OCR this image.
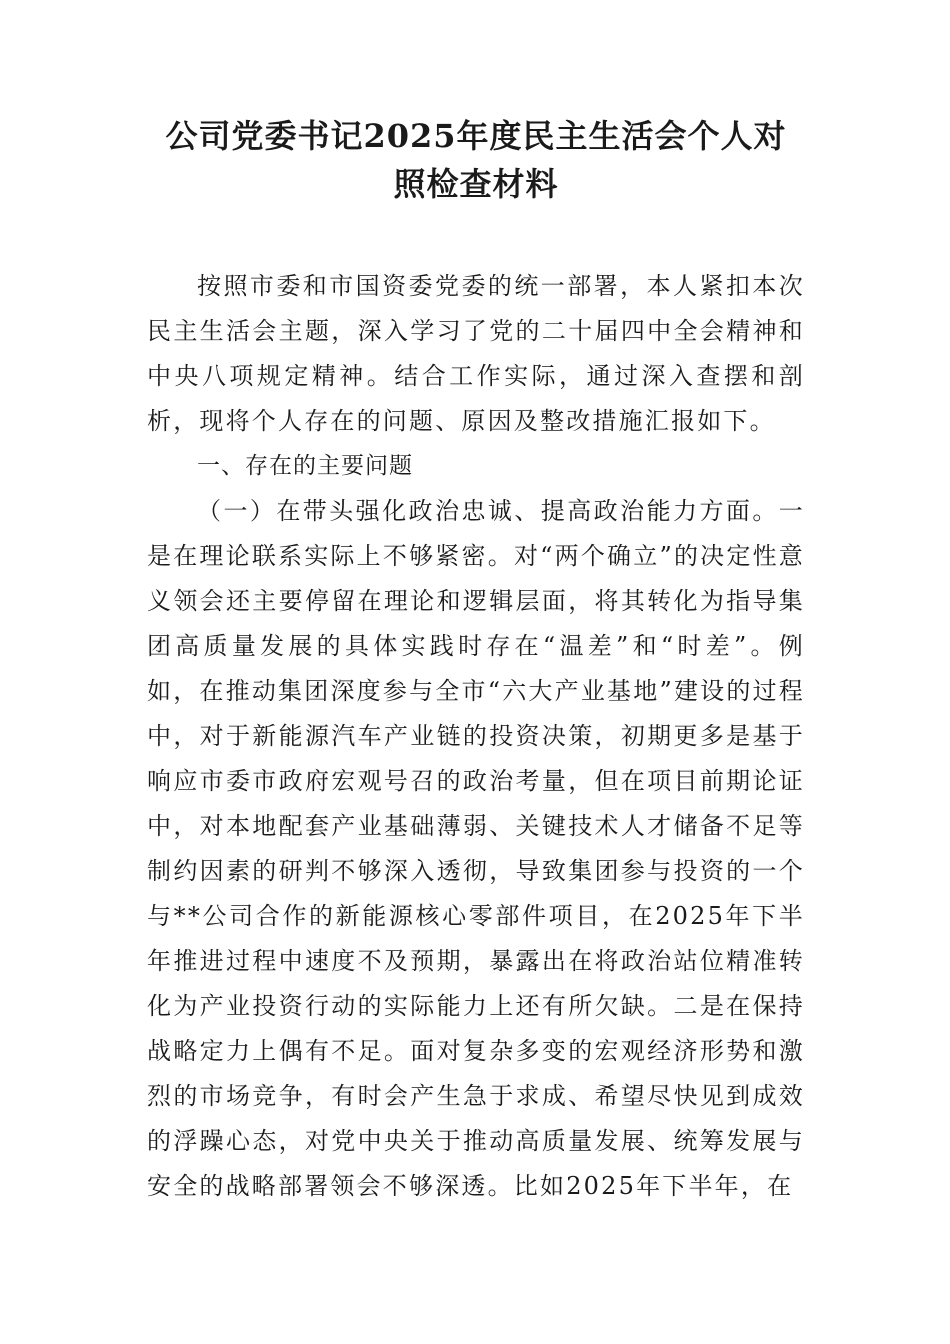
公司党委书记2025年度民主生活会个人对
照检查材料

按照市委和市国资委党委的统一部署，本人紧扣本次民主生活会主题，深入学习了党的二十届四中全会精神和中央八项规定精神。结合工作实际，通过深入查摆和剖析，现将个人存在的问题、原因及整改措施汇报如下。

一、存在的主要问题

（一）在带头强化政治忠诚、提高政治能力方面。一是在理论联系实际上不够紧密。对“两个确立”的决定性意义领会还主要停留在理论和逻辑层面，将其转化为指导集团高质量发展的具体实践时存在“温差”和“时差”。例如，在推动集团深度参与全市“六大产业基地”建设的过程中，对于新能源汽车产业链的投资决策，初期更多是基于响应市委市政府宏观号召的政治考量，但在项目前期论证中，对本地配套产业基础薄弱、关键技术人才储备不足等制约因素的研判不够深入透彻，导致集团参与投资的一个与**公司合作的新能源核心零部件项目，在2025年下半年推进过程中速度不及预期，暴露出在将政治站位精准转化为产业投资行动的实际能力上还有所欠缺。二是在保持战略定力上偶有不足。面对复杂多变的宏观经济形势和激烈的市场竞争，有时会产生急于求成、希望尽快见到成效的浮躁心态，对党中央关于推动高质量发展、统筹发展与安全的战略部署领会不够深透。比如2025年下半年，在
